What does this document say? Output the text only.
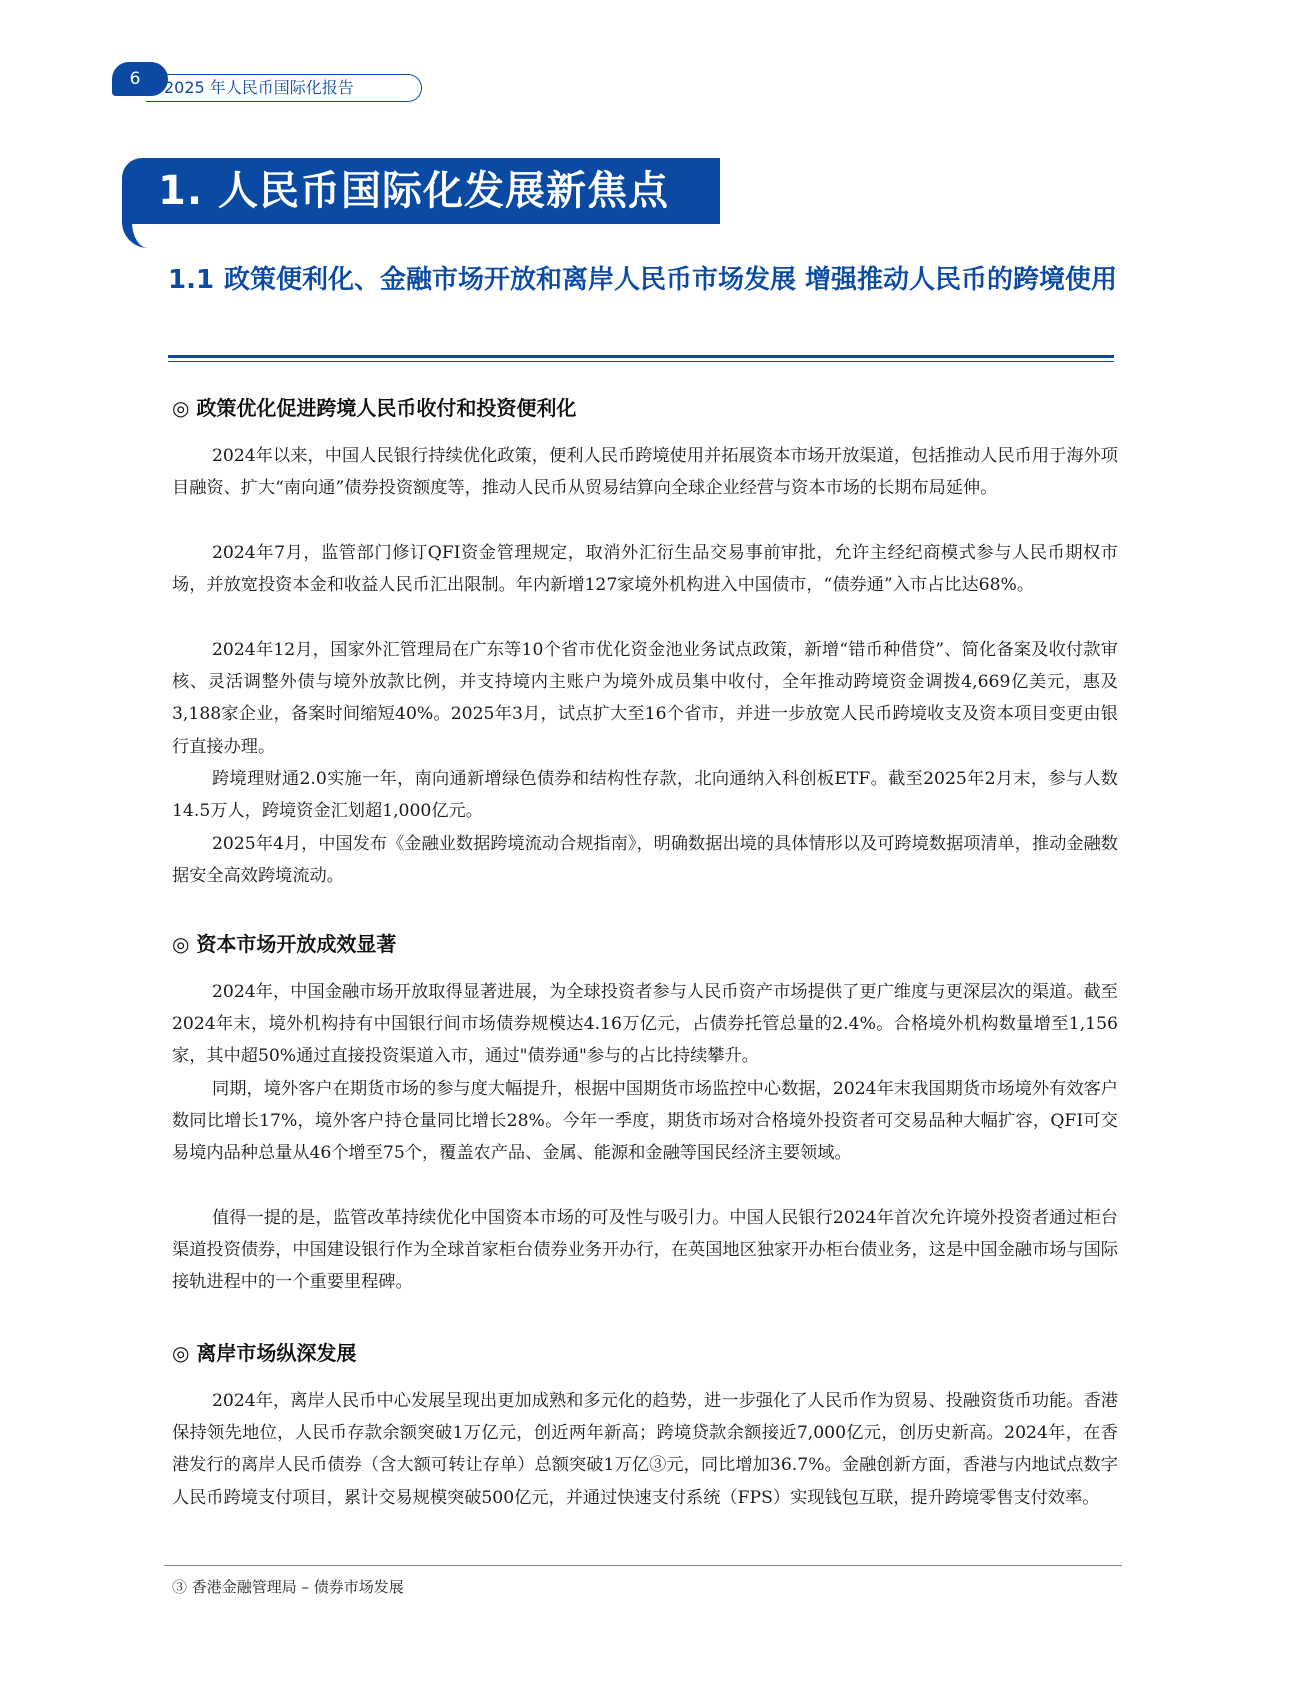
6	2025 年人民币国际化报告
1. 人民币国际化发展新焦点
1.1 政策便利化、金融市场开放和离岸人民币市场发展 增强推动人民币的跨境使用
◎ 政策优化促进跨境人民币收付和投资便利化

2024年以来，中国人民银行持续优化政策，便利人民币跨境使用并拓展资本市场开放渠道，包括推动人民币用于海外项目融资、扩大“南向通”债券投资额度等，推动人民币从贸易结算向全球企业经营与资本市场的长期布局延伸。

2024年7月，监管部门修订QFI资金管理规定，取消外汇衍生品交易事前审批，允许主经纪商模式参与人民币期权市场，并放宽投资本金和收益人民币汇出限制。年内新增127家境外机构进入中国债市，“债券通”入市占比达68%。

2024年12月，国家外汇管理局在广东等10个省市优化资金池业务试点政策，新增“错币种借贷”、简化备案及收付款审核、灵活调整外债与境外放款比例，并支持境内主账户为境外成员集中收付，全年推动跨境资金调拨4,669亿美元，惠及3,188家企业，备案时间缩短40%。2025年3月，试点扩大至16个省市，并进一步放宽人民币跨境收支及资本项目变更由银行直接办理。

跨境理财通2.0实施一年，南向通新增绿色债券和结构性存款，北向通纳入科创板ETF。截至2025年2月末，参与人数14.5万人，跨境资金汇划超1,000亿元。

2025年4月，中国发布《金融业数据跨境流动合规指南》，明确数据出境的具体情形以及可跨境数据项清单，推动金融数据安全高效跨境流动。

◎ 资本市场开放成效显著

2024年，中国金融市场开放取得显著进展，为全球投资者参与人民币资产市场提供了更广维度与更深层次的渠道。截至2024年末，境外机构持有中国银行间市场债券规模达4.16万亿元，占债券托管总量的2.4%。合格境外机构数量增至1,156家，其中超50%通过直接投资渠道入市，通过"债券通"参与的占比持续攀升。

同期，境外客户在期货市场的参与度大幅提升，根据中国期货市场监控中心数据，2024年末我国期货市场境外有效客户数同比增长17%，境外客户持仓量同比增长28%。今年一季度，期货市场对合格境外投资者可交易品种大幅扩容，QFI可交易境内品种总量从46个增至75个，覆盖农产品、金属、能源和金融等国民经济主要领域。

值得一提的是，监管改革持续优化中国资本市场的可及性与吸引力。中国人民银行2024年首次允许境外投资者通过柜台渠道投资债券，中国建设银行作为全球首家柜台债券业务开办行，在英国地区独家开办柜台债业务，这是中国金融市场与国际接轨进程中的一个重要里程碑。

◎ 离岸市场纵深发展

2024年，离岸人民币中心发展呈现出更加成熟和多元化的趋势，进一步强化了人民币作为贸易、投融资货币功能。香港保持领先地位，人民币存款余额突破1万亿元，创近两年新高；跨境贷款余额接近7,000亿元，创历史新高。2024年，在香港发行的离岸人民币债券（含大额可转让存单）总额突破1万亿③元，同比增加36.7%。金融创新方面，香港与内地试点数字人民币跨境支付项目，累计交易规模突破500亿元，并通过快速支付系统（FPS）实现钱包互联，提升跨境零售支付效率。

③ 香港金融管理局 – 债券市场发展
